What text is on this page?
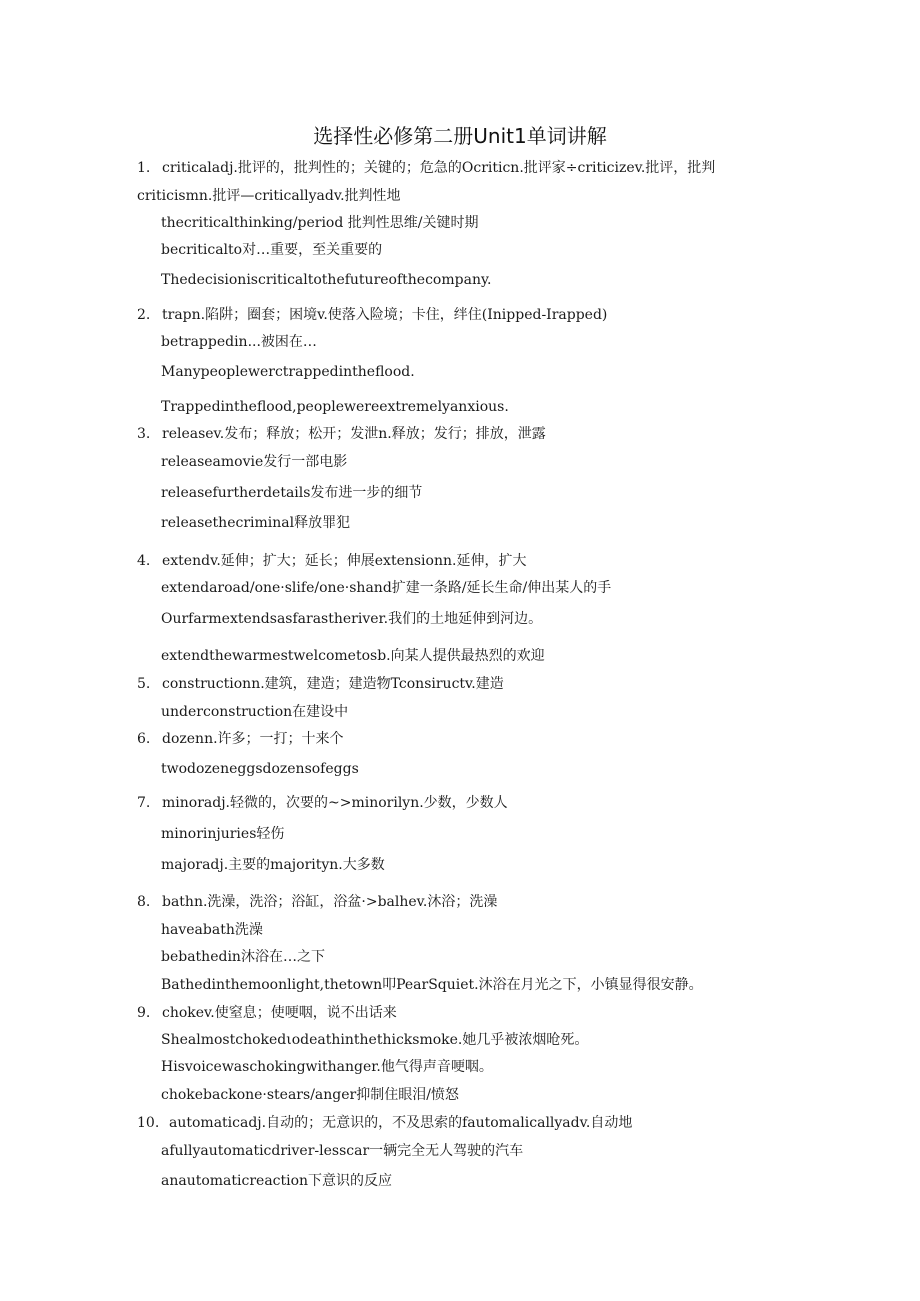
选择性必修第二册Unit1单词讲解
1. criticaladj.批评的，批判性的；关键的；危急的Ocriticn.批评家÷criticizev.批评，批判
criticismn.批评—criticallyadv.批判性地
thecriticalthinking/period 批判性思维/关键时期
becriticalto对…重要，至关重要的
Thedecisioniscriticaltothefutureofthecompany.
2. trapn.陷阱；圈套；困境v.使落入险境；卡住，绊住(Inipped-Irapped)
betrappedin...被困在…
Manypeoplewerctrappedintheflood.
Trappedintheflood,peoplewereextremelyanxious.
3. releasev.发布；释放；松开；发泄n.释放；发行；排放，泄露
releaseamovie发行一部电影
releasefurtherdetails发布进一步的细节
releasethecriminal释放罪犯
4. extendv.延伸；扩大；延长；伸展extensionn.延伸，扩大
extendaroad/one·slife/one·shand扩建一条路/延长生命/伸出某人的手
Ourfarmextendsasfarastheriver.我们的土地延伸到河边。
extendthewarmestwelcometosb.向某人提供最热烈的欢迎
5. constructionn.建筑，建造；建造物Tconsiructv.建造
underconstruction在建设中
6. dozenn.许多；一打；十来个
twodozeneggsdozensofeggs
7. minoradj.轻微的，次要的~>minorilyn.少数，少数人
minorinjuries轻伤
majoradj.主要的majorityn.大多数
8. bathn.洗澡，洗浴；浴缸，浴盆·>balhev.沐浴；洗澡
haveabath洗澡
bebathedin沐浴在…之下
Bathedinthemoonlight,thetown叩PearSquiet.沐浴在月光之下，小镇显得很安静。
9. chokev.使窒息；使哽咽，说不出话来
Shealmostchokedιodeathinthethicksmoke.她几乎被浓烟呛死。
Hisvoicewaschokingwithanger.他气得声音哽咽。
chokebackone·stears/anger抑制住眼泪/愤怒
10. automaticadj.自动的；无意识的，不及思索的fautomalicallyadv.自动地
afullyautomaticdriver-lesscar一辆完全无人驾驶的汽车
anautomaticreaction下意识的反应
